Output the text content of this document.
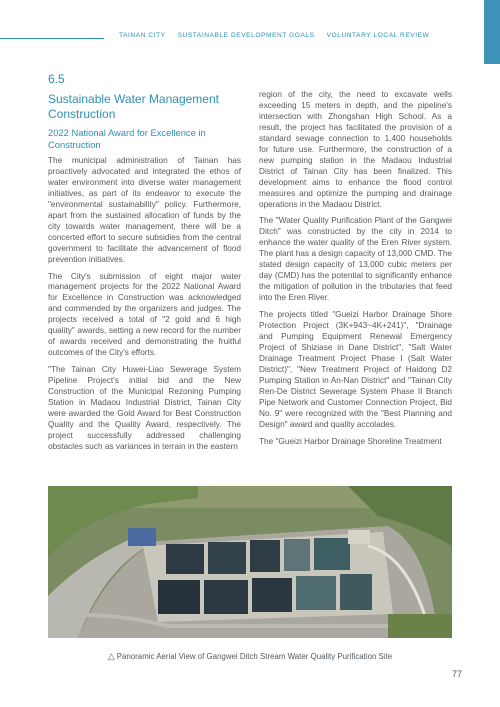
TAINAN CITY SUSTAINABLE DEVELOPMENT GOALS VOLUNTARY LOCAL REVIEW

6.5

Sustainable Water Management Construction

2022 National Award for Excellence in Construction

The municipal administration of Tainan has proactively advocated and integrated the ethos of water environment into diverse water management initiatives, as part of its endeavor to execute the "environmental sustainability" policy. Furthermore, apart from the sustained allocation of funds by the city towards water management, there will be a concerted effort to secure subsidies from the central government to facilitate the advancement of flood prevention initiatives.

The City's submission of eight major water management projects for the 2022 National Award for Excellence in Construction was acknowledged and commended by the organizers and judges. The projects received a total of "2 gold and 6 high quality" awards, setting a new record for the number of awards received and demonstrating the fruitful outcomes of the City's efforts.

"The Tainan City Huwei-Liao Sewerage System Pipeline Project's initial bid and the New Construction of the Municipal Rezoning Pumping Station in Madaou Industrial District, Tainan City were awarded the Gold Award for Best Construction Quality and the Quality Award, respectively. The project successfully addressed challenging obstacles such as variances in terrain in the eastern

region of the city, the need to excavate wells exceeding 15 meters in depth, and the pipeline's intersection with Zhongshan High School. As a result, the project has facilitated the provision of a standard sewage connection to 1,400 households for future use. Furthermore, the construction of a new pumping station in the Madaou Industrial District of Tainan City has been finalized. This development aims to enhance the flood control measures and optimize the pumping and drainage operations in the Madaou District.

The "Water Quality Purification Plant of the Gangwei Ditch" was constructed by the city in 2014 to enhance the water quality of the Eren River system. The plant has a design capacity of 13,000 CMD. The stated design capacity of 13,000 cubic meters per day (CMD) has the potential to significantly enhance the mitigation of pollution in the tributaries that feed into the Eren River.

The projects titled "Gueizi Harbor Drainage Shore Protection Project (3K+943~4K+241)", "Drainage and Pumping Equipment Renewal Emergency Project of Shiziase in Dane District", "Salt Water Drainage Treatment Project Phase I (Salt Water District)", "New Treatment Project of Haidong D2 Pumping Station in An-Nan District" and "Tainan City Ren-De District Sewerage System Phase II Branch Pipe Network and Customer Connection Project, Bid No. 9" were recognized with the "Best Planning and Design" award and quality accolades.

The "Gueizi Harbor Drainage Shoreline Treatment

△ Panoramic Aerial View of Gangwei Ditch Stream Water Quality Purification Site
77
